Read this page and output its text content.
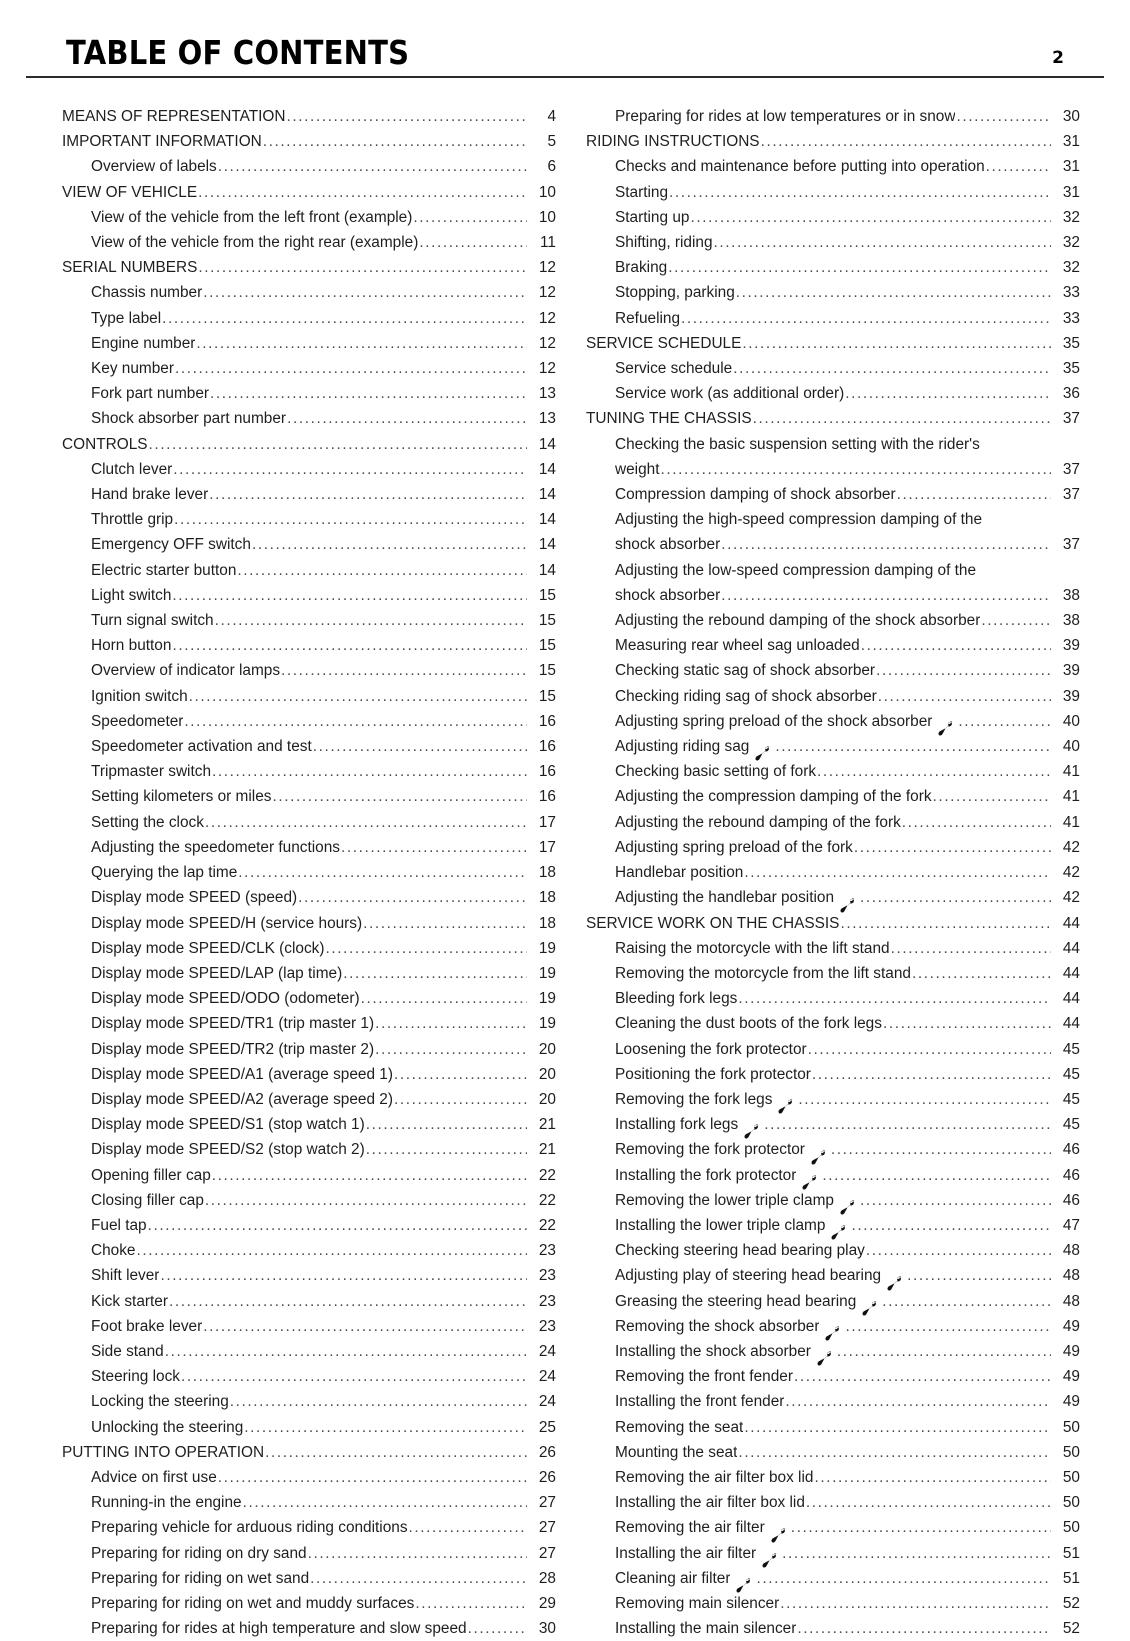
TABLE OF CONTENTS	2
MEANS OF REPRESENTATION .....	4
IMPORTANT INFORMATION .....	5
Overview of labels .....	6
VIEW OF VEHICLE .....	10
View of the vehicle from the left front (example) .....	10
View of the vehicle from the right rear (example) .....	11
SERIAL NUMBERS .....	12
Chassis number .....	12
Type label .....	12
Engine number .....	12
Key number .....	12
Fork part number .....	13
Shock absorber part number .....	13
CONTROLS .....	14
Clutch lever .....	14
Hand brake lever .....	14
Throttle grip .....	14
Emergency OFF switch .....	14
Electric starter button .....	14
Light switch .....	15
Turn signal switch .....	15
Horn button .....	15
Overview of indicator lamps .....	15
Ignition switch .....	15
Speedometer .....	16
Speedometer activation and test .....	16
Tripmaster switch .....	16
Setting kilometers or miles .....	16
Setting the clock .....	17
Adjusting the speedometer functions .....	17
Querying the lap time .....	18
Display mode SPEED (speed) .....	18
Display mode SPEED/H (service hours) .....	18
Display mode SPEED/CLK (clock) .....	19
Display mode SPEED/LAP (lap time) .....	19
Display mode SPEED/ODO (odometer) .....	19
Display mode SPEED/TR1 (trip master 1) .....	19
Display mode SPEED/TR2 (trip master 2) .....	20
Display mode SPEED/A1 (average speed 1) .....	20
Display mode SPEED/A2 (average speed 2) .....	20
Display mode SPEED/S1 (stop watch 1) .....	21
Display mode SPEED/S2 (stop watch 2) .....	21
Opening filler cap .....	22
Closing filler cap .....	22
Fuel tap .....	22
Choke .....	23
Shift lever .....	23
Kick starter .....	23
Foot brake lever .....	23
Side stand .....	24
Steering lock .....	24
Locking the steering .....	24
Unlocking the steering .....	25
PUTTING INTO OPERATION .....	26
Advice on first use .....	26
Running-in the engine .....	27
Preparing vehicle for arduous riding conditions .....	27
Preparing for riding on dry sand .....	27
Preparing for riding on wet sand .....	28
Preparing for riding on wet and muddy surfaces .....	29
Preparing for rides at high temperature and slow speed .....	30
Preparing for rides at low temperatures or in snow .....	30
RIDING INSTRUCTIONS .....	31
Checks and maintenance before putting into operation .....	31
Starting .....	31
Starting up .....	32
Shifting, riding .....	32
Braking .....	32
Stopping, parking .....	33
Refueling .....	33
SERVICE SCHEDULE .....	35
Service schedule .....	35
Service work (as additional order) .....	36
TUNING THE CHASSIS .....	37
Checking the basic suspension setting with the rider's
weight .....	37
Compression damping of shock absorber .....	37
Adjusting the high-speed compression damping of the
shock absorber .....	37
Adjusting the low-speed compression damping of the
shock absorber .....	38
Adjusting the rebound damping of the shock absorber .....	38
Measuring rear wheel sag unloaded .....	39
Checking static sag of shock absorber .....	39
Checking riding sag of shock absorber .....	39
Adjusting spring preload of the shock absorber .....	40
Adjusting riding sag .....	40
Checking basic setting of fork .....	41
Adjusting the compression damping of the fork .....	41
Adjusting the rebound damping of the fork .....	41
Adjusting spring preload of the fork .....	42
Handlebar position .....	42
Adjusting the handlebar position .....	42
SERVICE WORK ON THE CHASSIS .....	44
Raising the motorcycle with the lift stand .....	44
Removing the motorcycle from the lift stand .....	44
Bleeding fork legs .....	44
Cleaning the dust boots of the fork legs .....	44
Loosening the fork protector .....	45
Positioning the fork protector .....	45
Removing the fork legs .....	45
Installing fork legs .....	45
Removing the fork protector .....	46
Installing the fork protector .....	46
Removing the lower triple clamp .....	46
Installing the lower triple clamp .....	47
Checking steering head bearing play .....	48
Adjusting play of steering head bearing .....	48
Greasing the steering head bearing .....	48
Removing the shock absorber .....	49
Installing the shock absorber .....	49
Removing the front fender .....	49
Installing the front fender .....	49
Removing the seat .....	50
Mounting the seat .....	50
Removing the air filter box lid .....	50
Installing the air filter box lid .....	50
Removing the air filter .....	50
Installing the air filter .....	51
Cleaning air filter .....	51
Removing main silencer .....	52
Installing the main silencer .....	52
